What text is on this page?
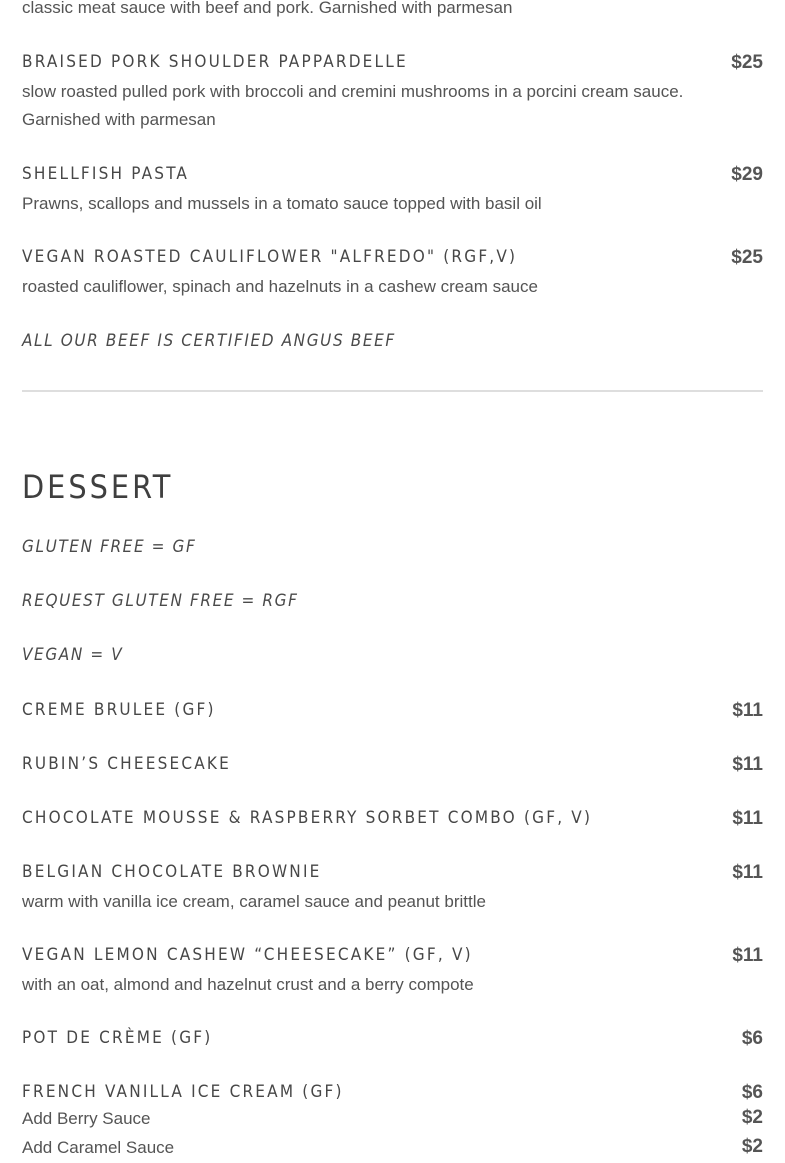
classic meat sauce with beef and pork. Garnished with parmesan
BRAISED PORK SHOULDER PAPPARDELLE	$25
slow roasted pulled pork with broccoli and cremini mushrooms in a porcini cream sauce. Garnished with parmesan
SHELLFISH PASTA	$29
Prawns, scallops and mussels in a tomato sauce topped with basil oil
VEGAN ROASTED CAULIFLOWER "ALFREDO" (RGF,V)	$25
roasted cauliflower, spinach and hazelnuts in a cashew cream sauce
ALL OUR BEEF IS CERTIFIED ANGUS BEEF
DESSERT
GLUTEN FREE = GF
REQUEST GLUTEN FREE = RGF
VEGAN = V
CREME BRULEE (GF)	$11
RUBIN’S CHEESECAKE	$11
CHOCOLATE MOUSSE & RASPBERRY SORBET COMBO (GF, V)	$11
BELGIAN CHOCOLATE BROWNIE	$11
warm with vanilla ice cream, caramel sauce and peanut brittle
VEGAN LEMON CASHEW “CHEESECAKE” (GF, V)	$11
with an oat, almond and hazelnut crust and a berry compote
POT DE CRÈME (GF)	$6
FRENCH VANILLA ICE CREAM (GF)	$6
Add Berry Sauce	$2
Add Caramel Sauce	$2
